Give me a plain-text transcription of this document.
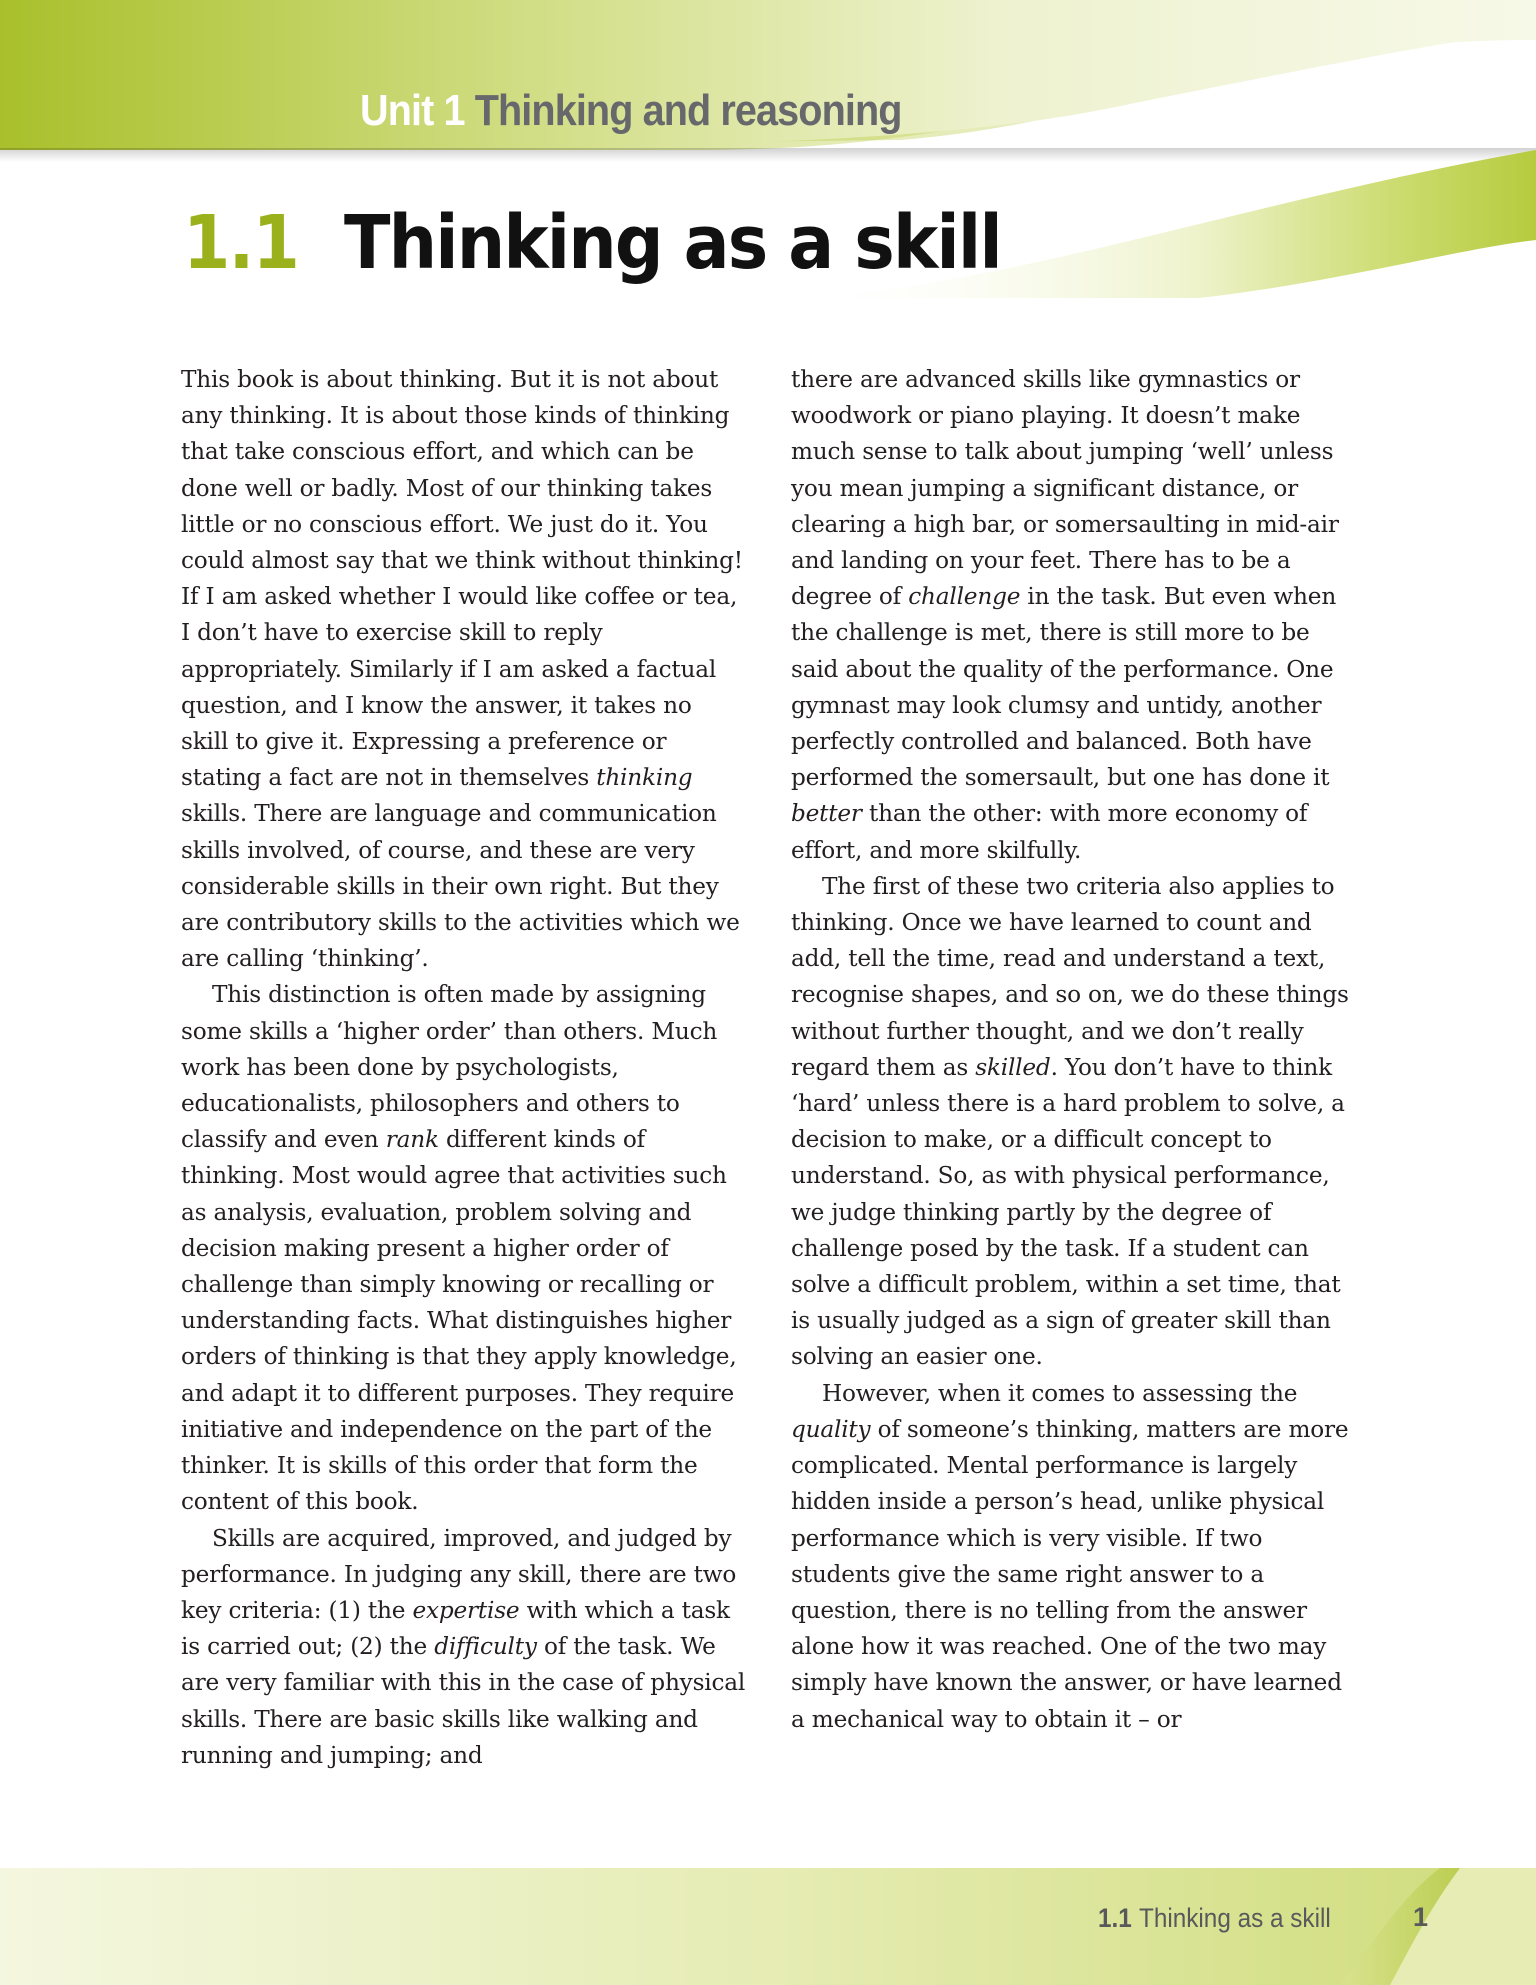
Unit 1 Thinking and reasoning
1.1 Thinking as a skill

This book is about thinking. But it is not about any thinking. It is about those kinds of thinking that take conscious effort, and which can be done well or badly. Most of our thinking takes little or no conscious effort. We just do it. You could almost say that we think without thinking! If I am asked whether I would like coffee or tea, I don’t have to exercise skill to reply appropriately. Similarly if I am asked a factual question, and I know the answer, it takes no skill to give it. Expressing a preference or stating a fact are not in themselves thinking skills. There are language and communication skills involved, of course, and these are very considerable skills in their own right. But they are contributory skills to the activities which we are calling ‘thinking’.

This distinction is often made by assigning some skills a ‘higher order’ than others. Much work has been done by psychologists, educationalists, philosophers and others to classify and even rank different kinds of thinking. Most would agree that activities such as analysis, evaluation, problem solving and decision making present a higher order of challenge than simply knowing or recalling or understanding facts. What distinguishes higher orders of thinking is that they apply knowledge, and adapt it to different purposes. They require initiative and independence on the part of the thinker. It is skills of this order that form the content of this book.

Skills are acquired, improved, and judged by performance. In judging any skill, there are two key criteria: (1) the expertise with which a task is carried out; (2) the difficulty of the task. We are very familiar with this in the case of physical skills. There are basic skills like walking and running and jumping; and

there are advanced skills like gymnastics or woodwork or piano playing. It doesn’t make much sense to talk about jumping ‘well’ unless you mean jumping a significant distance, or clearing a high bar, or somersaulting in mid-air and landing on your feet. There has to be a degree of challenge in the task. But even when the challenge is met, there is still more to be said about the quality of the performance. One gymnast may look clumsy and untidy, another perfectly controlled and balanced. Both have performed the somersault, but one has done it better than the other: with more economy of effort, and more skilfully.

The first of these two criteria also applies to thinking. Once we have learned to count and add, tell the time, read and understand a text, recognise shapes, and so on, we do these things without further thought, and we don’t really regard them as skilled. You don’t have to think ‘hard’ unless there is a hard problem to solve, a decision to make, or a difficult concept to understand. So, as with physical performance, we judge thinking partly by the degree of challenge posed by the task. If a student can solve a difficult problem, within a set time, that is usually judged as a sign of greater skill than solving an easier one.

However, when it comes to assessing the quality of someone’s thinking, matters are more complicated. Mental performance is largely hidden inside a person’s head, unlike physical performance which is very visible. If two students give the same right answer to a question, there is no telling from the answer alone how it was reached. One of the two may simply have known the answer, or have learned a mechanical way to obtain it – or

1.1 Thinking as a skill	1
